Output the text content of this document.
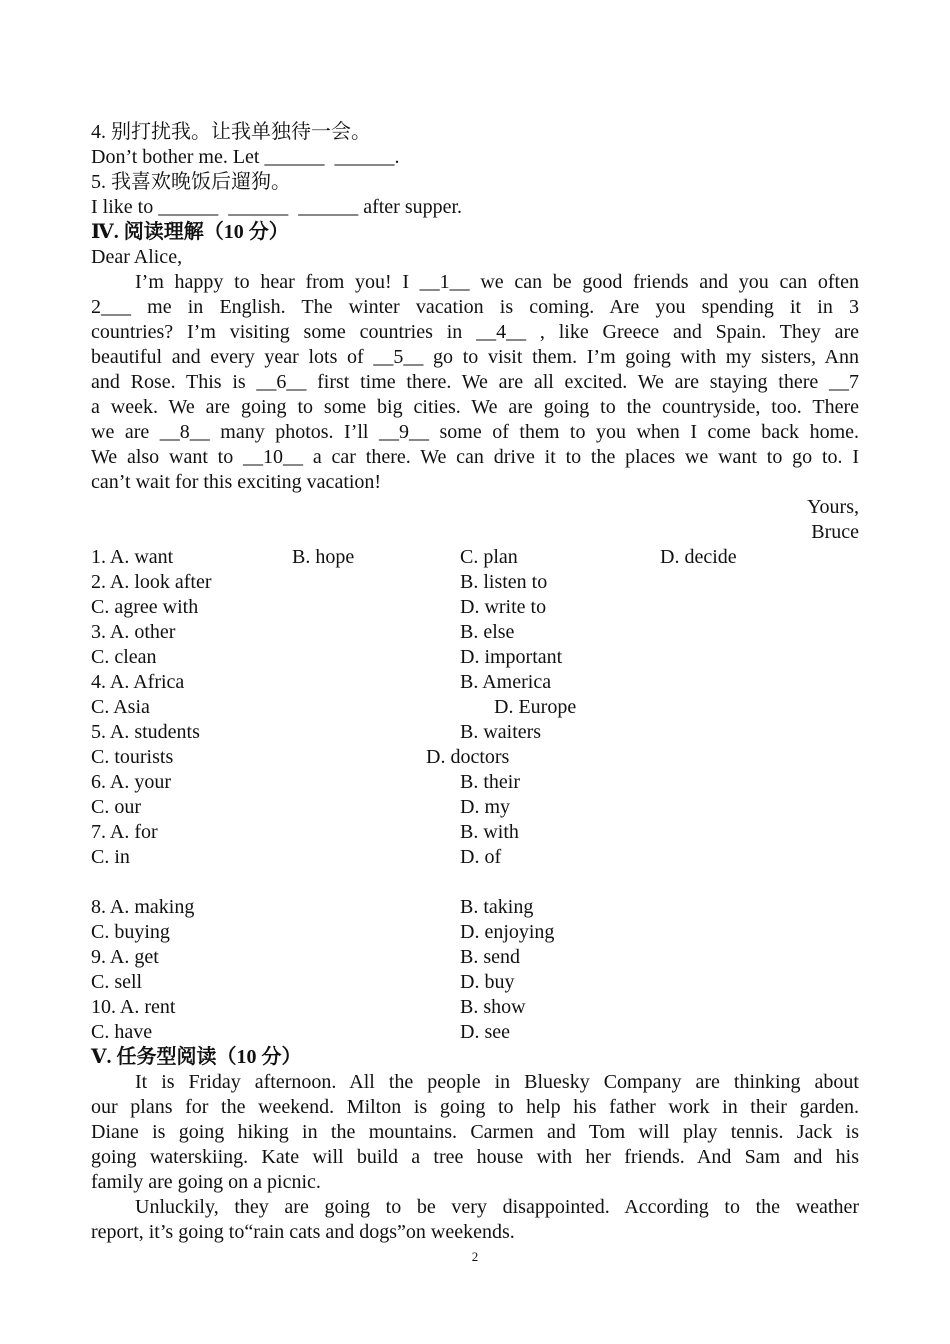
4. 别打扰我。让我单独待一会。
Don’t bother me. Let ______  ______.
5. 我喜欢晚饭后遛狗。
I like to ______  ______  ______ after supper.
Ⅳ. 阅读理解（10 分）
Dear Alice,
I’m happy to hear from you! I __1__ we can be good friends and you can often
2___ me in English. The winter vacation is coming. Are you spending it in 3
countries? I’m visiting some countries in __4__ , like Greece and Spain. They are
beautiful and every year lots of __5__ go to visit them. I’m going with my sisters, Ann
and Rose. This is __6__ first time there. We are all excited. We are staying there __7
a week. We are going to some big cities. We are going to the countryside, too. There
we are __8__ many photos. I’ll __9__ some of them to you when I come back home.
We also want to __10__ a car there. We can drive it to the places we want to go to. I
can’t wait for this exciting vacation!
Yours,
Bruce
1. A. want	B. hope	C. plan	D. decide
2. A. look after	B. listen to
C. agree with	D. write to
3. A. other	B. else
C. clean	D. important
4. A. Africa	B. America
C. Asia	D. Europe
5. A. students	B. waiters
C. tourists	D. doctors
6. A. your	B. their
C. our	D. my
7. A. for	B. with
C. in	D. of
8. A. making	B. taking
C. buying	D. enjoying
9. A. get	B. send
C. sell	D. buy
10. A. rent	B. show
C. have	D. see
Ⅴ. 任务型阅读（10 分）
It is Friday afternoon. All the people in Bluesky Company are thinking about
our plans for the weekend. Milton is going to help his father work in their garden.
Diane is going hiking in the mountains. Carmen and Tom will play tennis. Jack is
going waterskiing. Kate will build a tree house with her friends. And Sam and his
family are going on a picnic.
Unluckily, they are going to be very disappointed. According to the weather
report, it’s going to“rain cats and dogs”on weekends.
2
